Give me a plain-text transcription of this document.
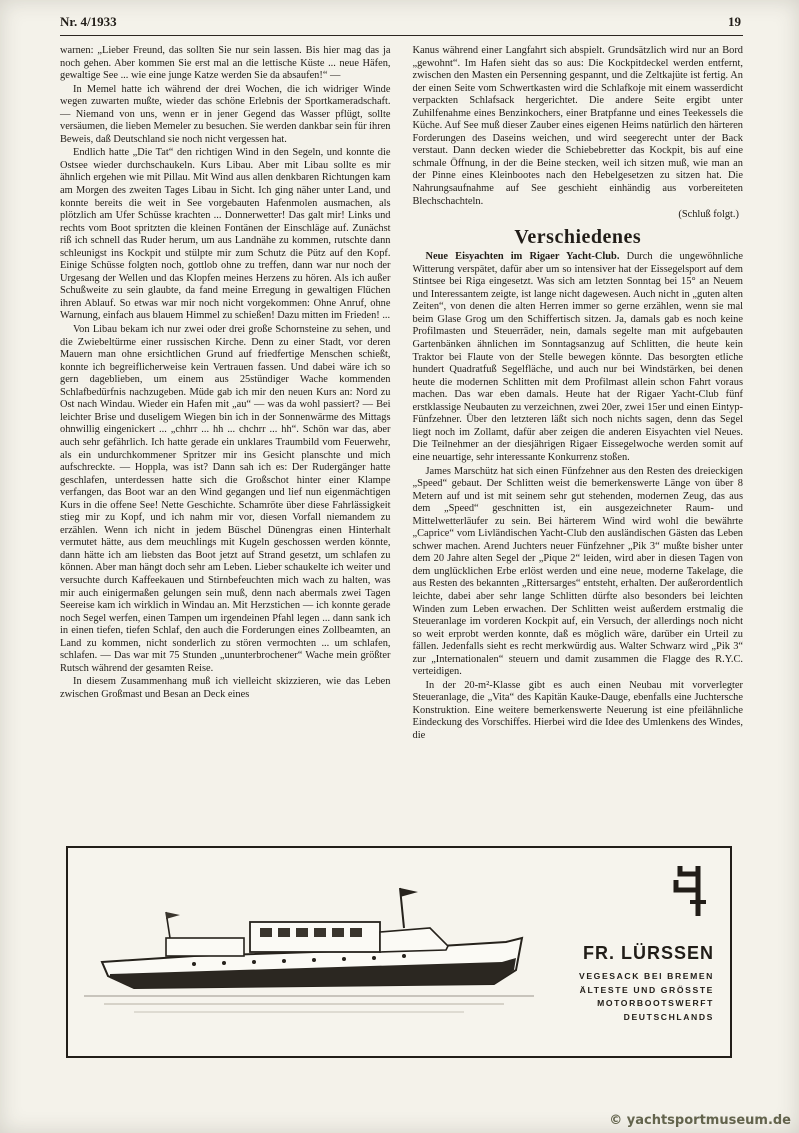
Nr. 4/1933	19

warnen: „Lieber Freund, das sollten Sie nur sein lassen. Bis hier mag das ja noch gehen. Aber kommen Sie erst mal an die lettische Küste ... neue Häfen, gewaltige See ... wie eine junge Katze werden Sie da absaufen!“ —

In Memel hatte ich während der drei Wochen, die ich widriger Winde wegen zuwarten mußte, wieder das schöne Erlebnis der Sportkameradschaft. — Niemand von uns, wenn er in jener Gegend das Wasser pflügt, sollte versäumen, die lieben Memeler zu besuchen. Sie werden dankbar sein für ihren Beweis, daß Deutschland sie noch nicht vergessen hat.

Endlich hatte „Die Tat“ den richtigen Wind in den Segeln, und konnte die Ostsee wieder durchschaukeln. Kurs Libau. Aber mit Libau sollte es mir ähnlich ergehen wie mit Pillau. Mit Wind aus allen denkbaren Richtungen kam am Morgen des zweiten Tages Libau in Sicht. Ich ging näher unter Land, und konnte bereits die weit in See vorgebauten Hafenmolen ausmachen, als plötzlich am Ufer Schüsse krachten ... Donnerwetter! Das galt mir! Links und rechts vom Boot spritzten die kleinen Fontänen der Einschläge auf. Zunächst riß ich schnell das Ruder herum, um aus Landnähe zu kommen, rutschte dann schleunigst ins Kockpit und stülpte mir zum Schutz die Pütz auf den Kopf. Einige Schüsse folgten noch, gottlob ohne zu treffen, dann war nur noch der Urgesang der Wellen und das Klopfen meines Herzens zu hören. Als ich außer Schußweite zu sein glaubte, da fand meine Erregung in gewaltigen Flüchen ihren Ablauf. So etwas war mir noch nicht vorgekommen: Ohne Anruf, ohne Warnung, einfach aus blauem Himmel zu schießen! Dazu mitten im Frieden! ...

Von Libau bekam ich nur zwei oder drei große Schornsteine zu sehen, und die Zwiebeltürme einer russischen Kirche. Denn zu einer Stadt, vor deren Mauern man ohne ersichtlichen Grund auf friedfertige Menschen schießt, konnte ich begreiflicherweise kein Vertrauen fassen. Und dabei wäre ich so gern dageblieben, um einem aus 25stündiger Wache kommenden Schlafbedürfnis nachzugeben. Müde gab ich mir den neuen Kurs an: Nord zu Ost nach Windau. Wieder ein Hafen mit „au“ — was da wohl passiert? — Bei leichter Brise und duseligem Wiegen bin ich in der Sonnenwärme des Mittags ohnwillig eingenickert ... „chhrr ... hh ... chchrr ... hh“. Schön war das, aber auch sehr gefährlich. Ich hatte gerade ein unklares Traumbild vom Feuerwehr, als ein undurchkommener Spritzer mir ins Gesicht planschte und mich aufschreckte. — Hoppla, was ist? Dann sah ich es: Der Rudergänger hatte geschlafen, unterdessen hatte sich die Großschot hinter einer Klampe verfangen, das Boot war an den Wind gegangen und lief nun eigenmächtigen Kurs in die offene See! Nette Geschichte. Schamröte über diese Fahrlässigkeit stieg mir zu Kopf, und ich nahm mir vor, diesen Vorfall niemandem zu erzählen. Wenn ich nicht in jedem Büschel Dünengras einen Hinterhalt vermutet hätte, aus dem meuchlings mit Kugeln geschossen werden könnte, dann hätte ich am liebsten das Boot jetzt auf Strand gesetzt, um schlafen zu können. Aber man hängt doch sehr am Leben. Lieber schaukelte ich weiter und versuchte durch Kaffeekauen und Stirnbefeuchten mich wach zu halten, was mir auch einigermaßen gelungen sein muß, denn nach abermals zwei Tagen Seereise kam ich wirklich in Windau an. Mit Herzstichen — ich konnte gerade noch Segel werfen, einen Tampen um irgendeinen Pfahl legen ... dann sank ich in einen tiefen, tiefen Schlaf, den auch die Forderungen eines Zollbeamten, an Land zu kommen, nicht sonderlich zu stören vermochten ... um schlafen, schlafen. — Das war mit 75 Stunden „ununterbrochener“ Wache mein größter Rutsch während der gesamten Reise.

In diesem Zusammenhang muß ich vielleicht skizzieren, wie das Leben zwischen Großmast und Besan an Deck eines

Kanus während einer Langfahrt sich abspielt. Grundsätzlich wird nur an Bord „gewohnt“. Im Hafen sieht das so aus: Die Kockpitdeckel werden entfernt, zwischen den Masten ein Persenning gespannt, und die Zeltkajüte ist fertig. An der einen Seite vom Schwertkasten wird die Schlafkoje mit einem wasserdicht verpackten Schlafsack hergerichtet. Die andere Seite ergibt unter Zuhilfenahme eines Benzinkochers, einer Bratpfanne und eines Teekessels die Küche. Auf See muß dieser Zauber eines eigenen Heims natürlich den härteren Forderungen des Daseins weichen, und wird seegerecht unter der Back verstaut. Dann decken wieder die Schiebebretter das Kockpit, bis auf eine schmale Öffnung, in der die Beine stecken, weil ich sitzen muß, wie man an der Pinne eines Kleinbootes nach den Hebelgesetzen zu sitzen hat. Die Nahrungsaufnahme auf See geschieht einhändig aus vorbereiteten Blechschachteln.

(Schluß folgt.)
Verschiedenes

Neue Eisyachten im Rigaer Yacht-Club. Durch die ungewöhnliche Witterung verspätet, dafür aber um so intensiver hat der Eissegelsport auf dem Stintsee bei Riga eingesetzt. Was sich am letzten Sonntag bei 15° an Neuem und Interessantem zeigte, ist lange nicht dagewesen. Auch nicht in „guten alten Zeiten“, von denen die alten Herren immer so gerne erzählen, wenn sie mal beim Glase Grog um den Schiffertisch sitzen. Ja, damals gab es noch keine Profilmasten und Steuerräder, nein, damals segelte man mit aufgebauten Gartenbänken ähnlichen im Sonntagsanzug auf Schlitten, die heute kein Traktor bei Flaute von der Stelle bewegen könnte. Das besorgten etliche hundert Quadratfuß Segelfläche, und auch nur bei Windstärken, bei denen heute die modernen Schlitten mit dem Profilmast allein schon Fahrt voraus machen. Das war eben damals. Heute hat der Rigaer Yacht-Club fünf erstklassige Neubauten zu verzeichnen, zwei 20er, zwei 15er und einen Eintyp-Fünfzehner. Über den letzteren läßt sich noch nichts sagen, denn das Segel liegt noch im Zollamt, dafür aber zeigen die anderen Eisyachten viel Neues. Die Teilnehmer an der diesjährigen Rigaer Eissegelwoche werden somit auf eine neuartige, sehr interessante Konkurrenz stoßen.

James Marschütz hat sich einen Fünfzehner aus den Resten des dreieckigen „Speed“ gebaut. Der Schlitten weist die bemerkenswerte Länge von über 8 Metern auf und ist mit seinem sehr gut stehenden, modernen Zeug, das aus dem „Speed“ geschnitten ist, ein ausgezeichneter Raum- und Mittelwetterläufer zu sein. Bei härterem Wind wird wohl die bewährte „Caprice“ vom Livländischen Yacht-Club den ausländischen Gästen das Leben schwer machen. Arend Juchters neuer Fünfzehner „Pik 3“ mußte bisher unter dem 20 Jahre alten Segel der „Pique 2“ leiden, wird aber in diesen Tagen von dem unglücklichen Erbe erlöst werden und eine neue, moderne Takelage, die aus Resten des bekannten „Rittersarges“ entsteht, erhalten. Der außerordentlich leichte, dabei aber sehr lange Schlitten dürfte also besonders bei leichten Winden zum Leben erwachen. Der Schlitten weist außerdem erstmalig die Steueranlage im vorderen Kockpit auf, ein Versuch, der allerdings noch nicht so weit erprobt werden konnte, daß es möglich wäre, darüber ein Urteil zu fällen. Jedenfalls sieht es recht merkwürdig aus. Walter Schwarz wird „Pik 3“ zur „Internationalen“ steuern und damit zusammen die Flagge des R.Y.C. verteidigen.

In der 20-m²-Klasse gibt es auch einen Neubau mit vorverlegter Steueranlage, die „Vita“ des Kapitän Kauke-Dauge, ebenfalls eine Juchtersche Konstruktion. Eine weitere bemerkenswerte Neuerung ist eine pfeilähnliche Eindeckung des Vorschiffes. Hierbei wird die Idee des Umlenkens des Windes, die

FR. LÜRSSEN
VEGESACK BEI BREMEN
ÄLTESTE UND GRÖSSTE
MOTORBOOTSWERFT
DEUTSCHLANDS
© yachtsportmuseum.de
